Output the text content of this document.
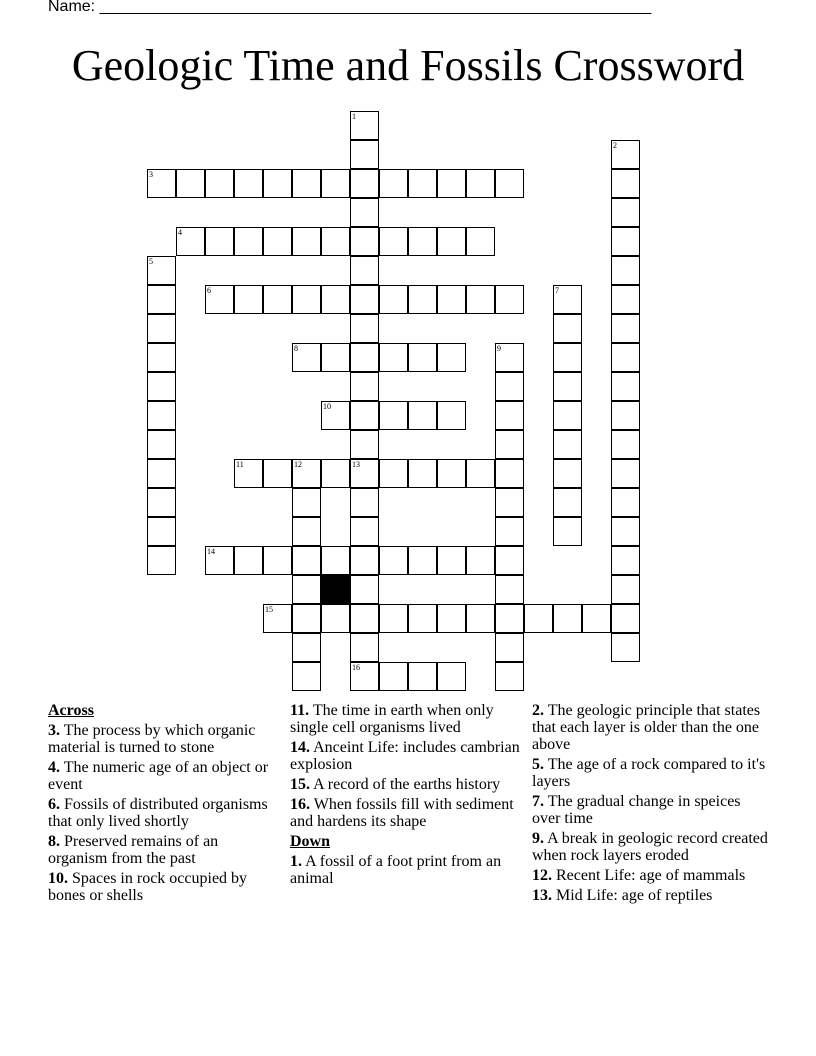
Name: ______________________________________________________________
Geologic Time and Fossils Crossword
1
13
2
3
4
5
6	7
8	9
10
11	12
14
15
16
Across
3. The process by which organic material is turned to stone
4. The numeric age of an object or event
6. Fossils of distributed organisms that only lived shortly
8. Preserved remains of an organism from the past
10. Spaces in rock occupied by bones or shells
11. The time in earth when only single cell organisms lived
14. Anceint Life: includes cambrian explosion
15. A record of the earths history
16. When fossils fill with sediment and hardens its shape
Down
1. A fossil of a foot print from an animal
2. The geologic principle that states that each layer is older than the one above
5. The age of a rock compared to it's layers
7. The gradual change in speices over time
9. A break in geologic record created when rock layers eroded
12. Recent Life: age of mammals
13. Mid Life: age of reptiles
